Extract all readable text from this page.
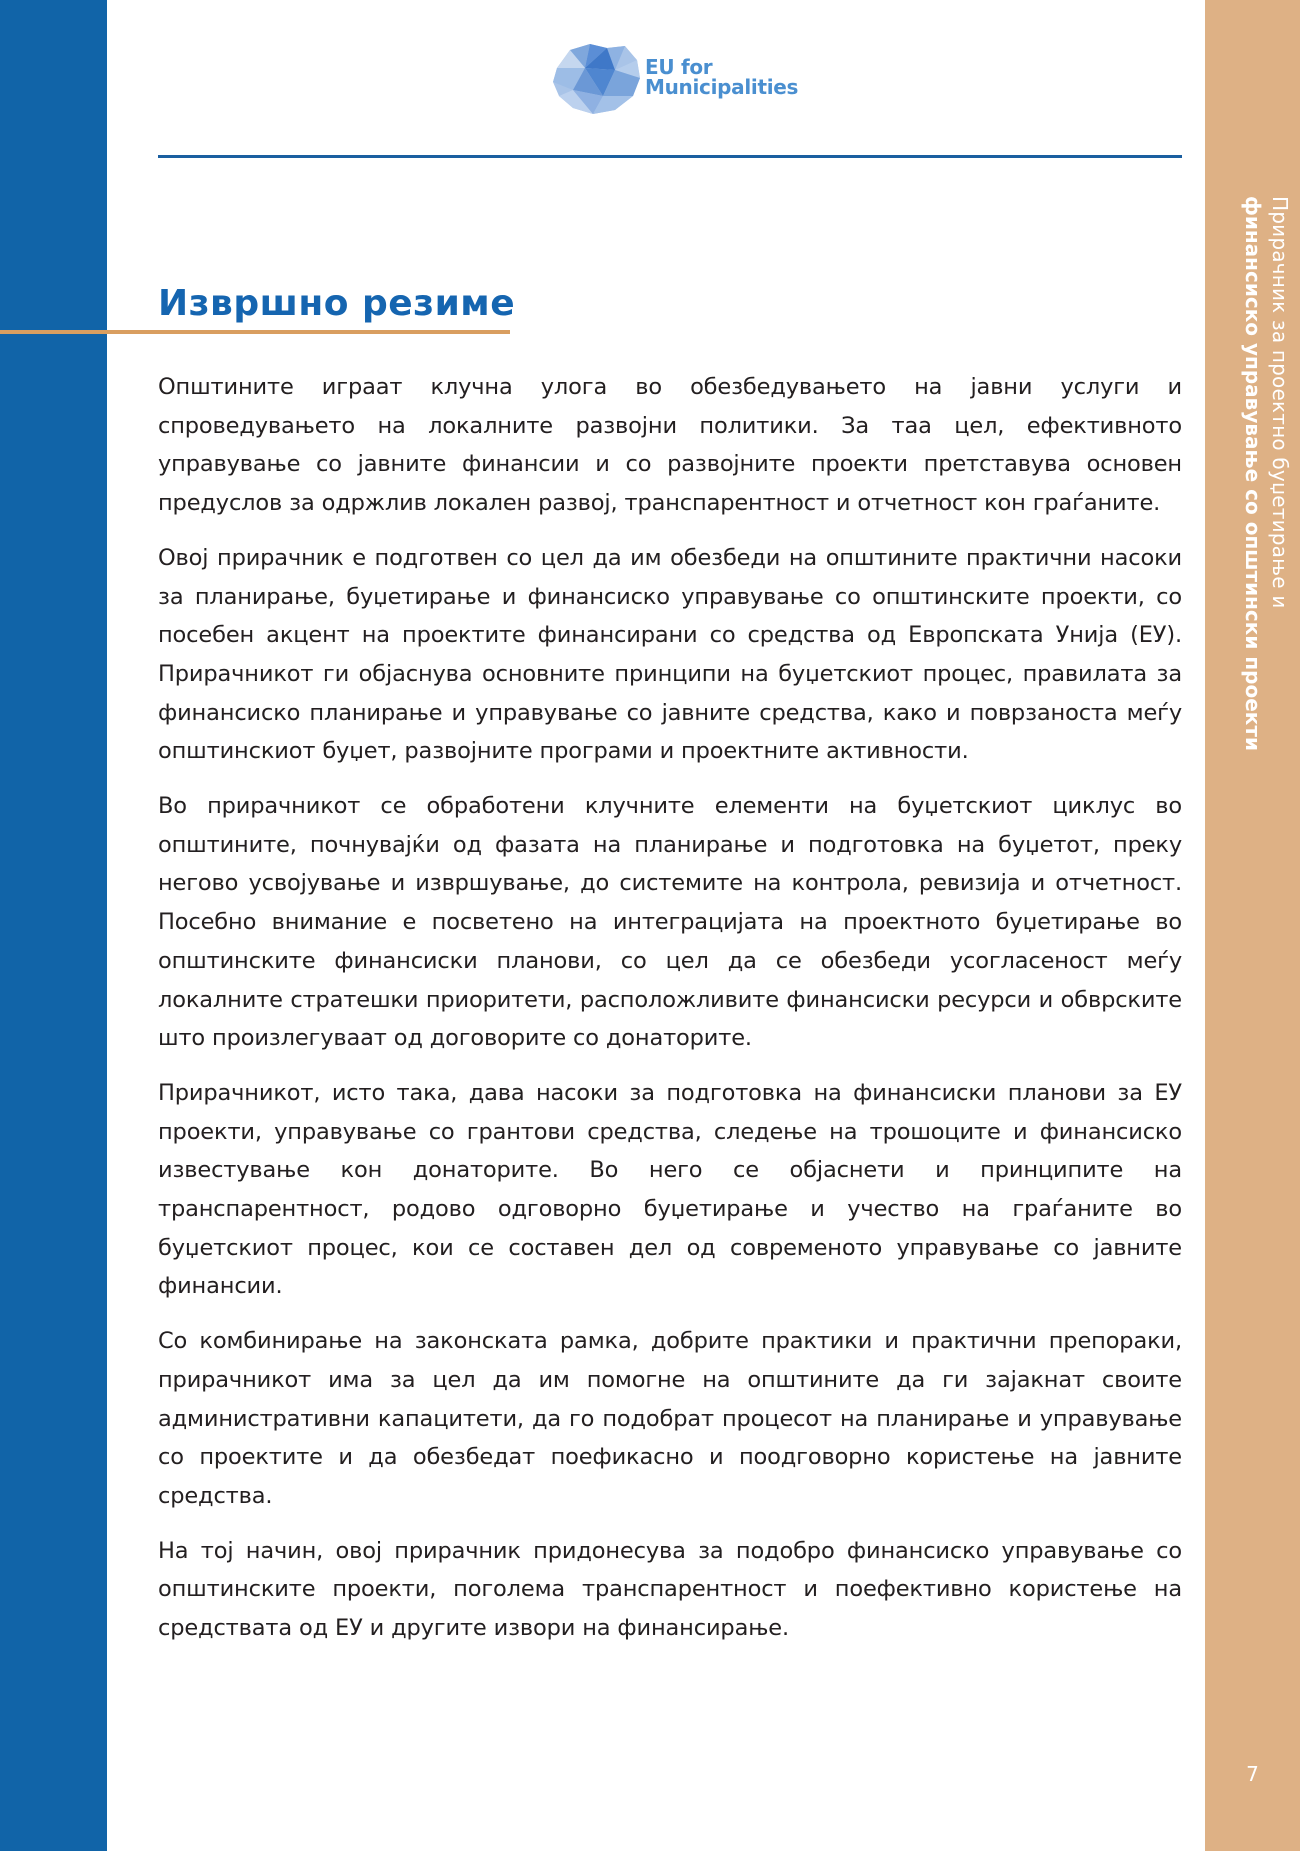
Прирачник за проектно буџетирање и
финансиско управување со општински проекти
7
EU for
Municipalities
Извршно резиме

Општините играат клучна улога во обезбедувањето на јавни услуги и спроведувањето на локалните развојни политики. За таа цел, ефективното управување со јавните финансии и со развојните проекти претставува основен предуслов за одржлив локален развој, транспарентност и отчетност кон граѓаните.

Овој прирачник е подготвен со цел да им обезбеди на општините практични насоки за планирање, буџетирање и финансиско управување со општинските проекти, со посебен акцент на проектите финансирани со средства од Европската Унија (ЕУ). Прирачникот ги објаснува основните принципи на буџетскиот процес, правилата за финансиско планирање и управување со јавните средства, како и поврзаноста меѓу општинскиот буџет, развојните програми и проектните активности.

Во прирачникот се обработени клучните елементи на буџетскиот циклус во општините, почнувајќи од фазата на планирање и подготовка на буџетот, преку негово усвојување и извршување, до системите на контрола, ревизија и отчетност. Посебно внимание е посветено на интеграцијата на проектното буџетирање во општинските финансиски планови, со цел да се обезбеди усогласеност меѓу локалните стратешки приоритети, расположливите финансиски ресурси и обврските што произлегуваат од договорите со донаторите.

Прирачникот, исто така, дава насоки за подготовка на финансиски планови за ЕУ проекти, управување со грантови средства, следење на трошоците и финансиско известување кон донаторите. Во него се објаснети и принципите на транспарентност, родово одговорно буџетирање и учество на граѓаните во буџетскиот процес, кои се составен дел од современото управување со јавните финансии.

Со комбинирање на законската рамка, добрите практики и практични препораки, прирачникот има за цел да им помогне на општините да ги зајакнат своите административни капацитети, да го подобрат процесот на планирање и управување со проектите и да обезбедат поефикасно и поодговорно користење на јавните средства.

На тој начин, овој прирачник придонесува за подобро финансиско управување со општинските проекти, поголема транспарентност и поефективно користење на средствата од ЕУ и другите извори на финансирање.
